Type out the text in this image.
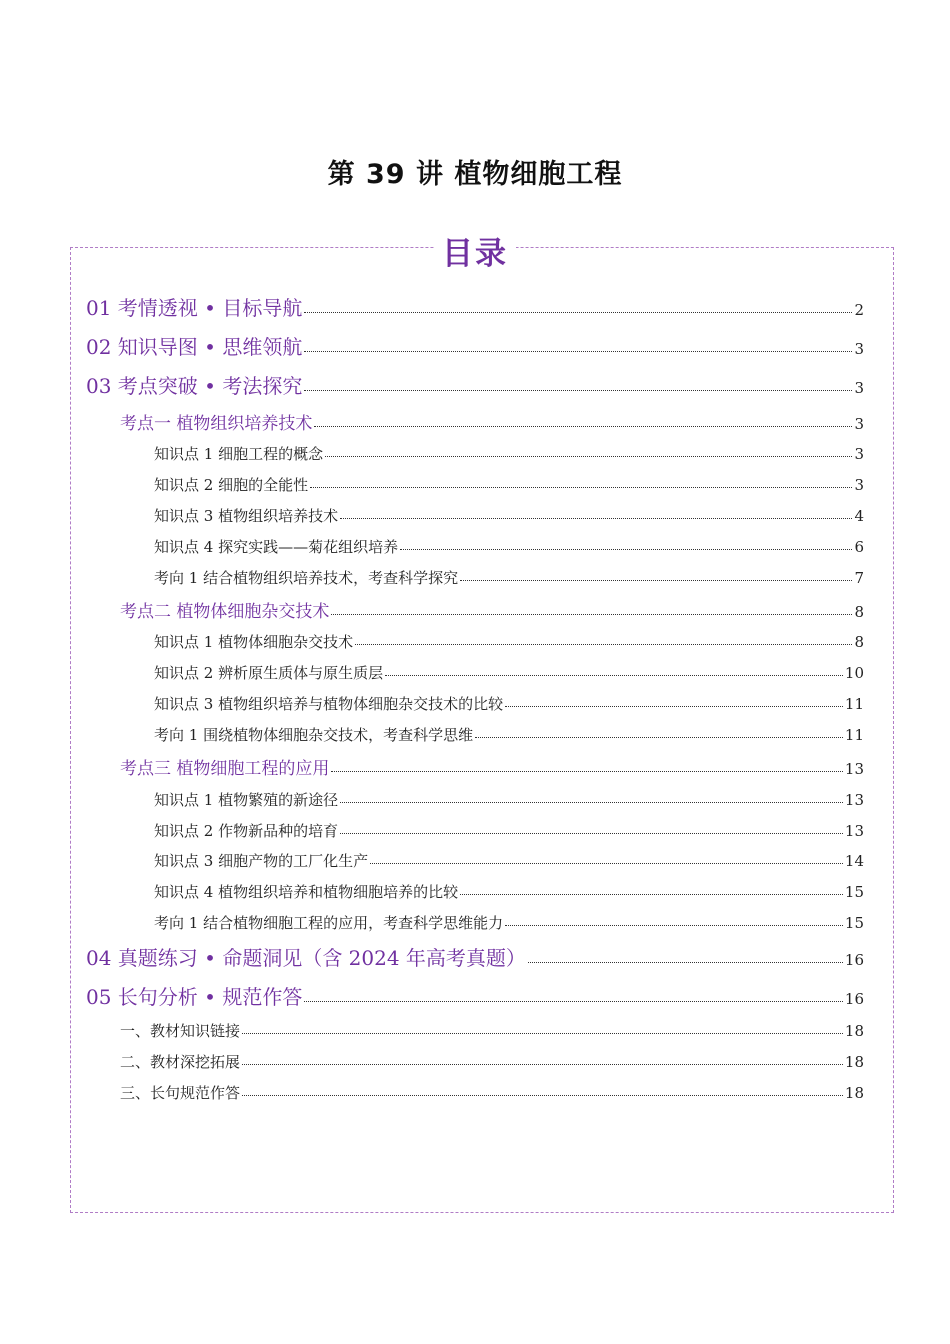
第 39 讲 植物细胞工程
目录
01 考情透视 • 目标导航	2
02 知识导图 • 思维领航	3
03 考点突破 • 考法探究	3
考点一 植物组织培养技术	3
知识点 1 细胞工程的概念	3
知识点 2 细胞的全能性	3
知识点 3 植物组织培养技术	4
知识点 4 探究实践——菊花组织培养	6
考向 1 结合植物组织培养技术，考查科学探究	7
考点二 植物体细胞杂交技术	8
知识点 1 植物体细胞杂交技术	8
知识点 2 辨析原生质体与原生质层	10
知识点 3 植物组织培养与植物体细胞杂交技术的比较	11
考向 1 围绕植物体细胞杂交技术，考查科学思维	11
考点三 植物细胞工程的应用	13
知识点 1 植物繁殖的新途径	13
知识点 2 作物新品种的培育	13
知识点 3 细胞产物的工厂化生产	14
知识点 4 植物组织培养和植物细胞培养的比较	15
考向 1 结合植物细胞工程的应用，考查科学思维能力	15
04 真题练习 • 命题洞见（含 2024 年高考真题）	16
05 长句分析 • 规范作答	16
一、教材知识链接	18
二、教材深挖拓展	18
三、长句规范作答	18
